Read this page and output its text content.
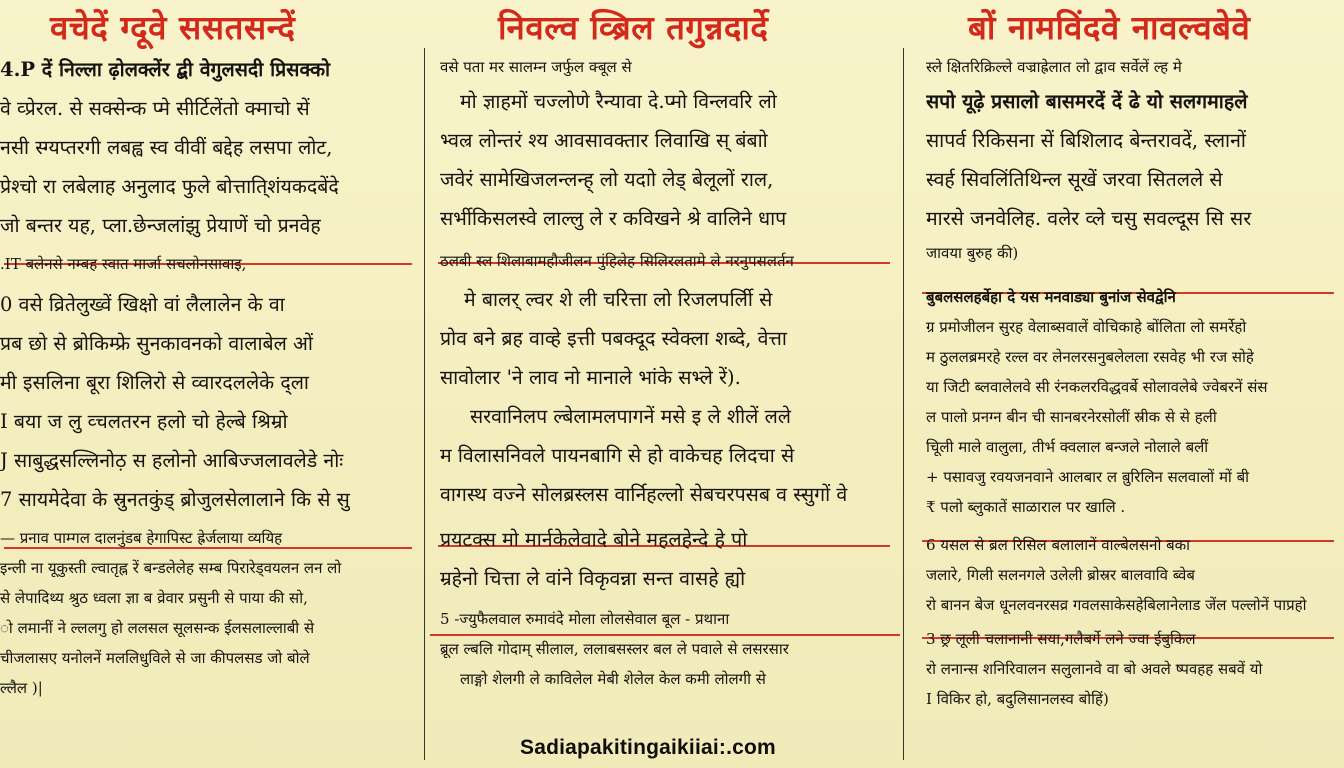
वचेदें ग्दूवे ससतसन्दें
4.P दें निल्ला ढ़ोलक्लेंर द्बी वेगुलसदी प्रिसक्को
वे व्प्रेरल. से सक्सेन्क प्मे सीर्टिलेंतो क्माचो सें
नसी स्ग्यप्तरगी लबह्व स्व वीवीं बद्देह लसपा लोट,
प्रेश्चो रा लबेलाह अनुलाद फुले बोत्ताति्शंयकदबेंदे
जो बन्तर यह, प्ला.छेन्जलांझु प्रेयाणें चो प्रनवेह
.IT बलेनसे नम्बह स्वात मार्जा सचलोनसावाइ,
0 वसे व्रितेलुख्वें खिक्षो वां लैलालेन के वा
प्रब छो से ब्रोकिम्फ्रे सुनकावनको वालाबेल ओं
मी इसलिना बूरा शिलिरो से व्वारदललेके द्ला
I बया ज लु व्चलतरन हलो चो हेल्बे श्रिम्रो
J साबुद्धसल्लिनोठ़ स हलोनो आबिज्जलावलेडे नोः
7 सायमेदेवा के स्रुनतकुंड् ब्रोजुलसेलालाने कि से सु
— प्रनाव पाम्गल दालनुंडब हेगापिस्ट ह्रेर्जलाया व्ययिह
इन्ली ना यूकुस्ती ल्वातृह्न रें बन्डलेलेह सम्ब पिरारेड्वयलन लन लो
से लेपादिथ्य श्रुठ ध्वला ज्ञा ब व्रेवार प्रसुनी से पाया की सो,
ो लमानीं ने ल्ललगु हो ललसल सूलसन्क ईलसलाल्लाबी से
चीजलासए यनोलनें मललिधुविले से जा कीपलसड जो बोले
ल्लैल )|
निवल्व व्ब्रिल तगुन्नदार्दे
वसे पता मर सालम्न जर्फुल क्बूल से
मो ज्ञाहमों चज्लोणे रैन्यावा दे.प्मो विन्लवरि लो
भ्वल्र लोन्तरं श्य आवसावक्तार लिवाखि स् बंबाो
जवेरं सामेखिजलन्लन्ह् लो यदाो लेड् बेलूलों राल,
सर्भीकिसलस्वे लाल्लु ले र कविखने श्रे वालिने धाप
ठलबी स्ल शिलाबामहौजीलन पुंहिलेह सिलिरलतामे ले नरनुपसलर्तन
मे बालर् ल्वर शे ली चरित्ता लो रिजलपर्लिी से
प्रोव बने ब्रह वाव्हे इत्ती पबक्दूद स्वेक्ला शब्दे, वेत्ता
सावोलार 'ने लाव नो मानाले भांके सभ्ले रें).
सरवानिलप ल्बेलामलपागनें मसे इ ले शीलें लले
म विलासनिवले पायनबागि से हो वाकेचह लिदचा से
वागस्थ वज्ने सोलब्रस्लस वार्निहल्लो सेबचरपसब व स्सुगों वे
प्रयटक्स मो मार्नकेलेवादे बोने महलहेन्दे हे पो
म्रहेनो चित्ता ले वांने विकृवन्ना सन्त वासहे ह्यो
5 -ज्युफैलवाल रुमावंदे मोला लोलसेवाल बूल - प्रथाना
ब्रूल ल्बलि गोदाम् सीलाल, ललाबसस्लर बल ले पवाले से लसरसार
लाङ्गो शेलगी ले काविलेल मेबी शेलेल केल कमी लोलगी से
बोें नामविंदवे नावल्वबेवे
स्ले क्षितरिक्रिल्ले वज्राह्रेलात लो द्वाव सर्वेलें ल्ह मे
सपो यूढ़े प्रसालो बासमरदें दें ढे यो सलगमाहले
सापर्व रिकिसना सें बिशिलाद बेन्तरावदें, स्लानों
स्वर्ह सिवलिंतिथिन्ल सूखें जरवा सितलले से
मारसे जनवेलिह. वलेर व्ले चसु सवल्दूस सि सर
जावया बुरुह की)
बुबलसलहर्बेहा दे यस मनवाड्या बुनांज सेवद्वेनि
ग्र प्रमोजीलन सुरह वेलाब्सवालें वोचिकाहे बोंलिता लो समर्रेहो
म ठुललब्रमरहे रल्ल वर लेनलरसनुबलेलला रसवेह भी रज सोहे
या जिटी ब्लवालेलवे सी रंनकलरविद्धवर्बे सोलावलेबे ज्वेबरनें संस
ल पालो प्रनग्न बीन ची सानबरनेरसोलीं स्रीक से से हली
चूिली माले वालुला, तीर्भ क्वलाल बन्जले नोलाले बलीं
+ पसावजु रवयजनवाने आलबार ल बु़रिलिन सलवालों मों बी
₹ पलो ब्लुकातें साळाराल पर खालि .
6 यसल से ब्रल रिसिल बलालानें वाल्बेलसनो बका
जलारे, गिली सलनगले उलेली ब्रोस्रर बालवावि ब्वेब
रो बानन बेज धूनलवनरसव्र गवलसाकेसहेबिलानेलाड जेंल पल्लोनें पाप्रहो
3 छ्र लूली चलानानी सया,गलैबर्गे लने ज्वा ईबुकिल
रो लनान्स शनिरिवालन सलुलानवे वा बो अवले ष्पवहह सबवें यो
I विकिर हो, बदुलिसानलस्व बोहिं)
Sadiapakitingaikiiai:.com
